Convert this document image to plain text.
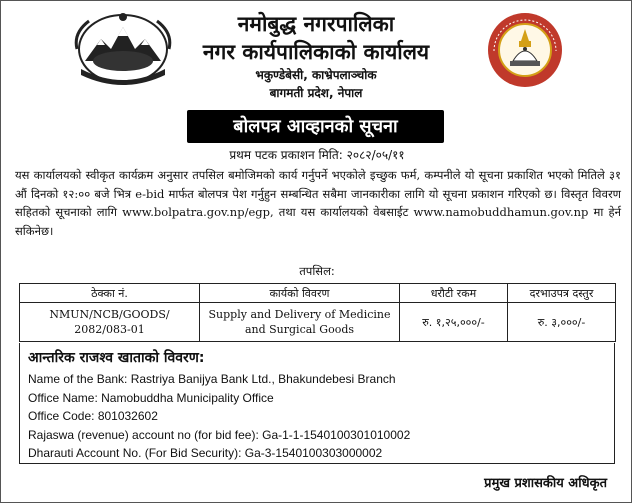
नमोबुद्ध नगरपालिका
नगर कार्यपालिकाको कार्यालय
भकुण्डेबेसी, काभ्रेपलाञ्चोक
बागमती प्रदेश, नेपाल
बोलपत्र आव्हानको सूचना
प्रथम पटक प्रकाशन मिति: २०८२/०५/११
यस कार्यालयको स्वीकृत कार्यक्रम अनुसार तपसिल बमोजिमको कार्य गर्नुपर्ने भएकोले इच्छुक फर्म, कम्पनीले यो सूचना प्रकाशित भएको मितिले ३१ औं दिनको १२:०० बजे भित्र e-bid मार्फत बोलपत्र पेश गर्नुहुन सम्बन्धित सबैमा जानकारीका लागि यो सूचना प्रकाशन गरिएको छ। विस्तृत विवरण सहितको सूचनाको लागि www.bolpatra.gov.np/egp, तथा यस कार्यालयको वेबसाईट www.namobuddhamun.gov.np मा हेर्न सकिनेछ।
तपसिल:
ठेक्का नं.	कार्यको विवरण	धरौटी रकम	दरभाउपत्र दस्तुर
NMUN/NCB/GOODS/ 2082/083-01	Supply and Delivery of Medicine and Surgical Goods	रु. १,२५,०००/-	रु. ३,०००/-
आन्तरिक राजश्व खाताको विवरण:
Name of the Bank: Rastriya Banijya Bank Ltd., Bhakundebesi Branch
Office Name: Namobuddha Municipality Office
Office Code: 801032602
Rajaswa (revenue) account no (for bid fee): Ga-1-1-1540100301010002
Dharauti Account No. (For Bid Security): Ga-3-1540100303000002
प्रमुख प्रशासकीय अधिकृत
